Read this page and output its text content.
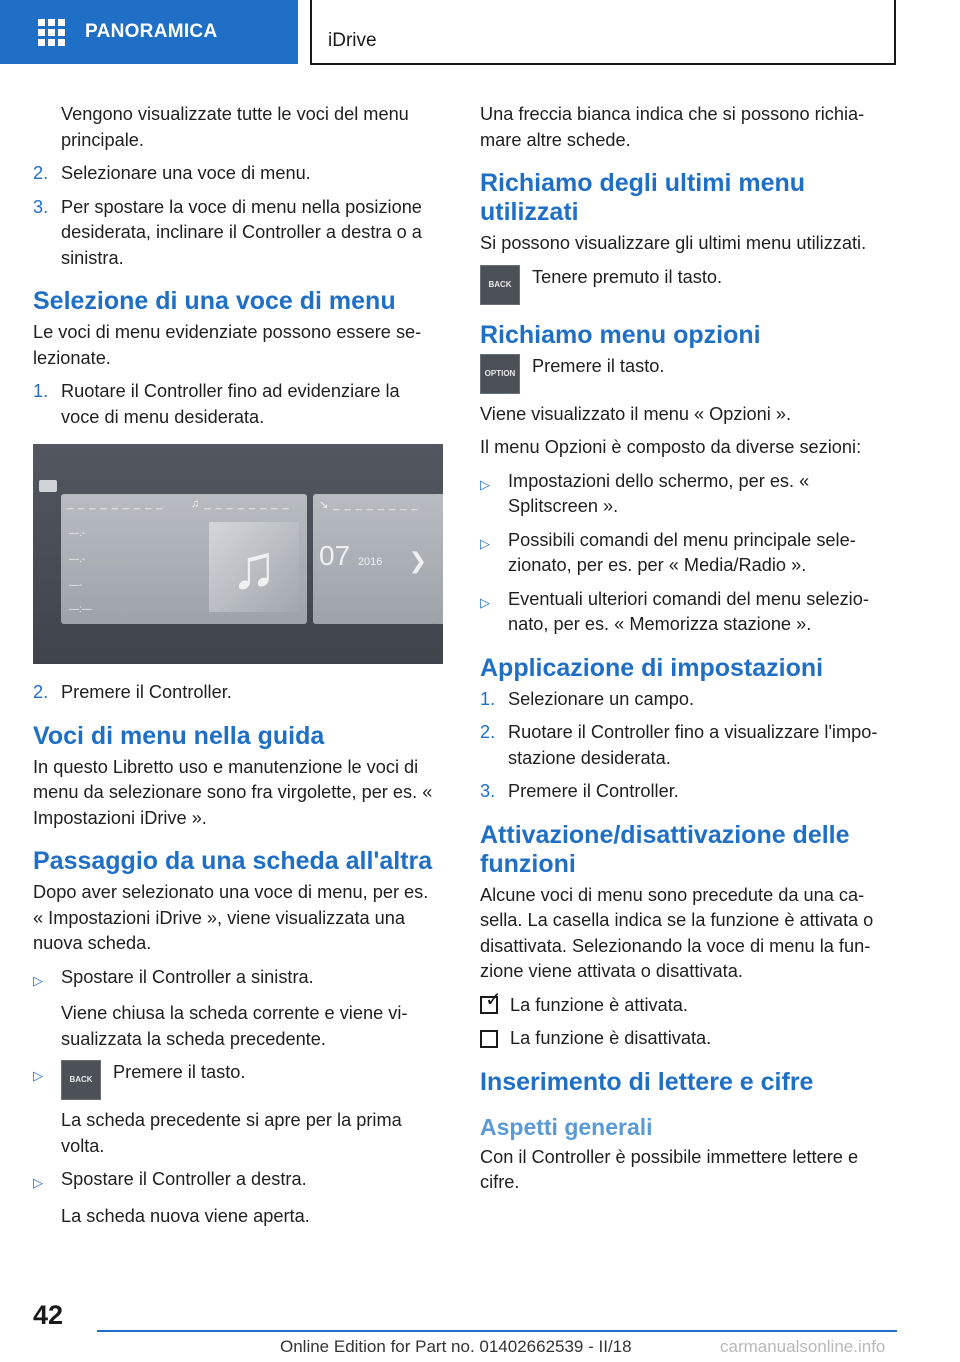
PANORAMICA	iDrive
Vengono visualizzate tutte le voci del menu principale.
2. Selezionare una voce di menu.
3. Per spostare la voce di menu nella posizione desiderata, inclinare il Controller a destra o a sinistra.
Selezione di una voce di menu
Le voci di menu evidenziate possono essere se-lezionate.
1. Ruotare il Controller fino ad evidenziare la voce di menu desiderata.
_ _ _ _ _ _ _ _ _
—.-
—.-
—-
—:—
♫ _ _ _ _ _ _ _ _
♫
↘ _ _ _ _ _ _ _ _
07 2016 ❯
2. Premere il Controller.
Voci di menu nella guida
In questo Libretto uso e manutenzione le voci di menu da selezionare sono fra virgolette, per es. « Impostazioni iDrive ».
Passaggio da una scheda all'altra
Dopo aver selezionato una voce di menu, per es. « Impostazioni iDrive », viene visualizzata una nuova scheda.
▷ Spostare il Controller a sinistra.
Viene chiusa la scheda corrente e viene vi-sualizzata la scheda precedente.
▷	BACK	Premere il tasto.
La scheda precedente si apre per la prima volta.
▷ Spostare il Controller a destra.
La scheda nuova viene aperta.
Una freccia bianca indica che si possono richia-mare altre schede.
Richiamo degli ultimi menu utilizzati
Si possono visualizzare gli ultimi menu utilizzati.
BACK	Tenere premuto il tasto.
Richiamo menu opzioni
OPTION Premere il tasto.
Viene visualizzato il menu « Opzioni ».
Il menu Opzioni è composto da diverse sezioni:
▷ Impostazioni dello schermo, per es. « Splitscreen ».
▷ Possibili comandi del menu principale sele-zionato, per es. per « Media/Radio ».
▷ Eventuali ulteriori comandi del menu selezio-nato, per es. « Memorizza stazione ».
Applicazione di impostazioni
1. Selezionare un campo.
2. Ruotare il Controller fino a visualizzare l'impo-stazione desiderata.
3. Premere il Controller.
Attivazione/disattivazione delle funzioni
Alcune voci di menu sono precedute da una ca-sella. La casella indica se la funzione è attivata o disattivata. Selezionando la voce di menu la fun-zione viene attivata o disattivata.
✓ La funzione è attivata.
La funzione è disattivata.
Inserimento di lettere e cifre
Aspetti generali
Con il Controller è possibile immettere lettere e cifre.
42
Online Edition for Part no. 01402662539 - II/18	carmanualsonline.info
